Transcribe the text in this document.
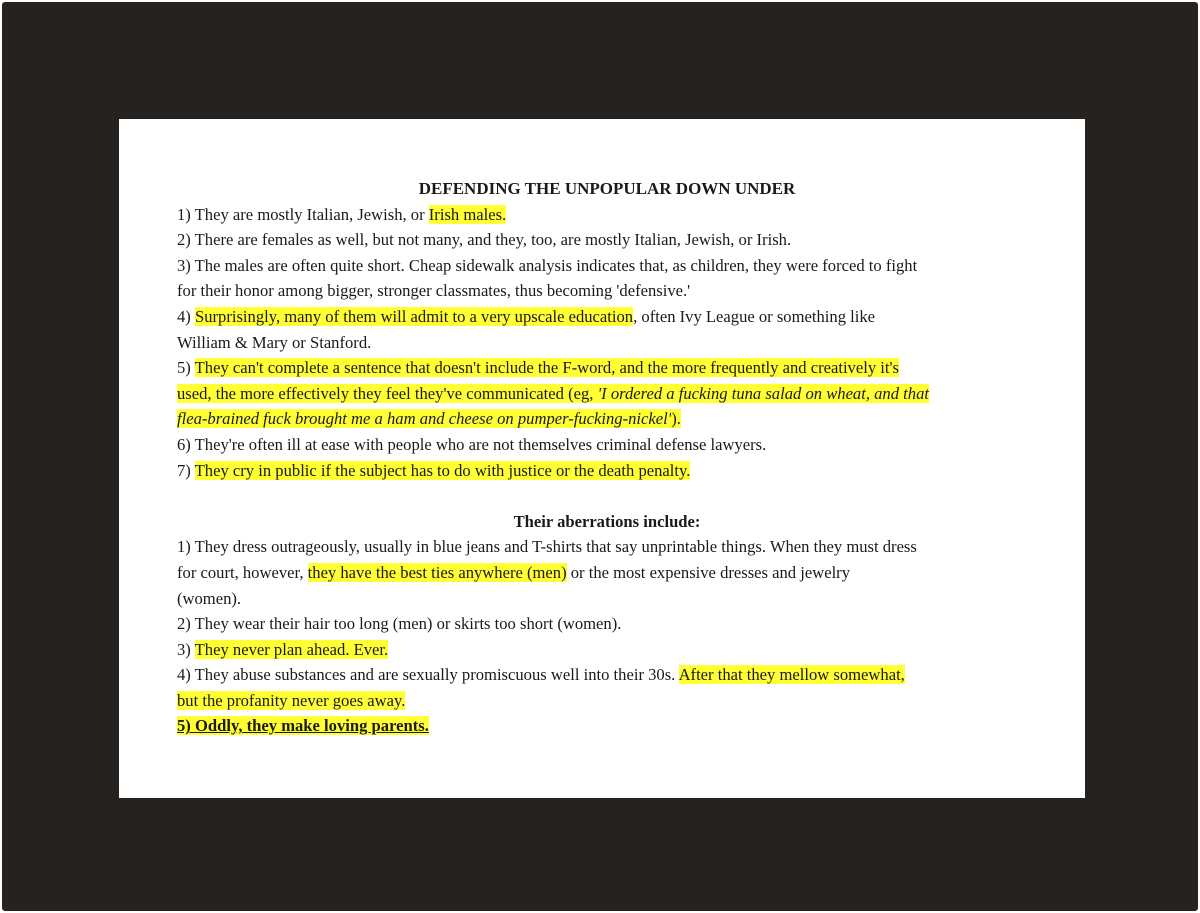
DEFENDING THE UNPOPULAR DOWN UNDER
1) They are mostly Italian, Jewish, or Irish males.
2) There are females as well, but not many, and they, too, are mostly Italian, Jewish, or Irish.
3) The males are often quite short. Cheap sidewalk analysis indicates that, as children, they were forced to fight
for their honor among bigger, stronger classmates, thus becoming 'defensive.'
4) Surprisingly, many of them will admit to a very upscale education, often Ivy League or something like
William & Mary or Stanford.
5) They can't complete a sentence that doesn't include the F-word, and the more frequently and creatively it's
used, the more effectively they feel they've communicated (eg, 'I ordered a fucking tuna salad on wheat, and that
flea-brained fuck brought me a ham and cheese on pumper-fucking-nickel').
6) They're often ill at ease with people who are not themselves criminal defense lawyers.
7) They cry in public if the subject has to do with justice or the death penalty.
Their aberrations include:
1) They dress outrageously, usually in blue jeans and T-shirts that say unprintable things. When they must dress
for court, however, they have the best ties anywhere (men) or the most expensive dresses and jewelry
(women).
2) They wear their hair too long (men) or skirts too short (women).
3) They never plan ahead. Ever.
4) They abuse substances and are sexually promiscuous well into their 30s. After that they mellow somewhat,
but the profanity never goes away.
5) Oddly, they make loving parents.
